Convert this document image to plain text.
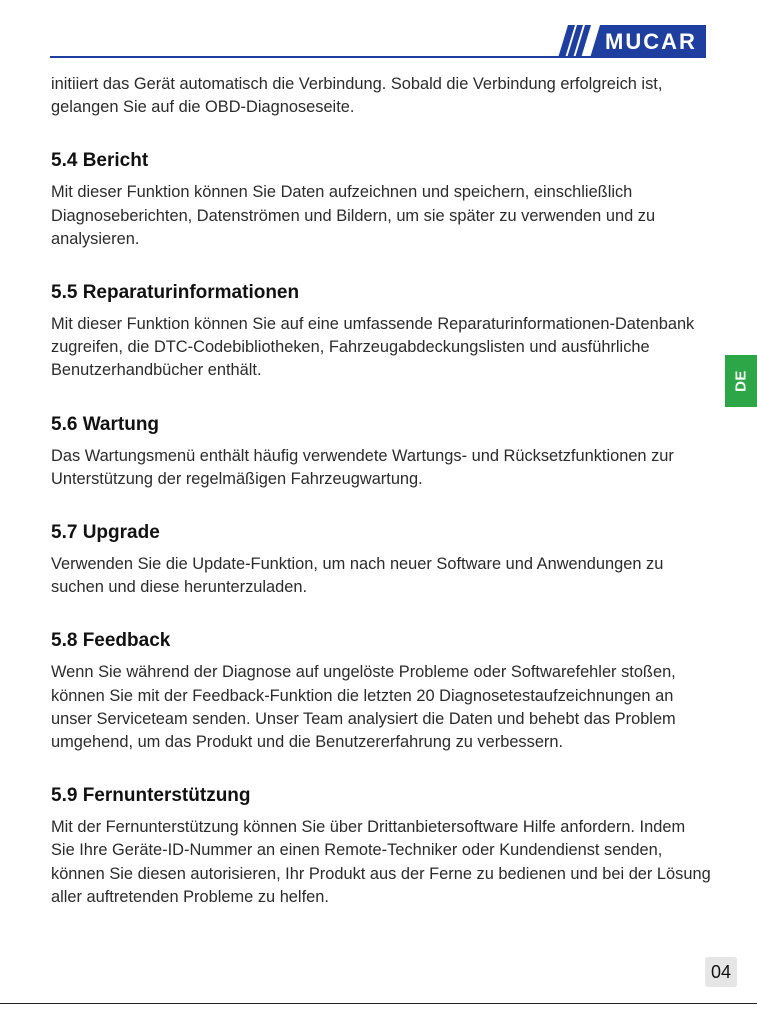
MUCAR

initiiert das Gerät automatisch die Verbindung. Sobald die Verbindung erfolgreich ist, gelangen Sie auf die OBD-Diagnoseseite.

5.4 Bericht

Mit dieser Funktion können Sie Daten aufzeichnen und speichern, einschließlich Diagnoseberichten, Datenströmen und Bildern, um sie später zu verwenden und zu analysieren.

5.5 Reparaturinformationen

Mit dieser Funktion können Sie auf eine umfassende Reparaturinformationen-Datenbank zugreifen, die DTC-Codebibliotheken, Fahrzeugabdeckungslisten und ausführliche Benutzerhandbücher enthält.

5.6 Wartung

Das Wartungsmenü enthält häufig verwendete Wartungs- und Rücksetzfunktionen zur Unterstützung der regelmäßigen Fahrzeugwartung.

5.7 Upgrade

Verwenden Sie die Update-Funktion, um nach neuer Software und Anwendungen zu suchen und diese herunterzuladen.

5.8 Feedback

Wenn Sie während der Diagnose auf ungelöste Probleme oder Softwarefehler stoßen, können Sie mit der Feedback-Funktion die letzten 20 Diagnosetestaufzeichnungen an unser Serviceteam senden. Unser Team analysiert die Daten und behebt das Problem umgehend, um das Produkt und die Benutzererfahrung zu verbessern.

5.9 Fernunterstützung

Mit der Fernunterstützung können Sie über Drittanbietersoftware Hilfe anfordern. Indem Sie Ihre Geräte-ID-Nummer an einen Remote-Techniker oder Kundendienst senden, können Sie diesen autorisieren, Ihr Produkt aus der Ferne zu bedienen und bei der Lösung aller auftretenden Probleme zu helfen.

DE
04
